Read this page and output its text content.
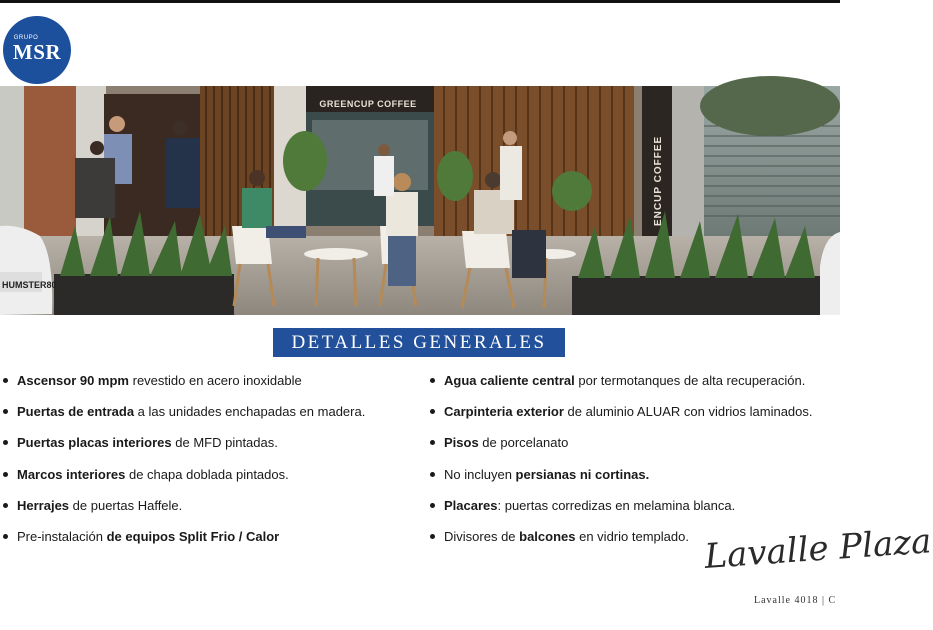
GRUPO
MSR
GREENCUP COFFEE
ENCUP COFFEE
HUMSTER80
DETALLES GENERALES
Ascensor 90 mpm revestido en acero inoxidable
Puertas de entrada a las unidades enchapadas en madera.
Puertas placas interiores de MFD pintadas.
Marcos interiores de chapa doblada pintados.
Herrajes de puertas Haffele.
Pre-instalación de equipos Split Frio / Calor
Agua caliente central por termotanques de alta recuperación.
Carpinteria exterior de aluminio ALUAR con vidrios laminados.
Pisos de porcelanato
No incluyen persianas ni cortinas.
Placares: puertas corredizas en melamina blanca.
Divisores de balcones en vidrio templado. Lavalle Plaza
Lavalle 4018 | C
